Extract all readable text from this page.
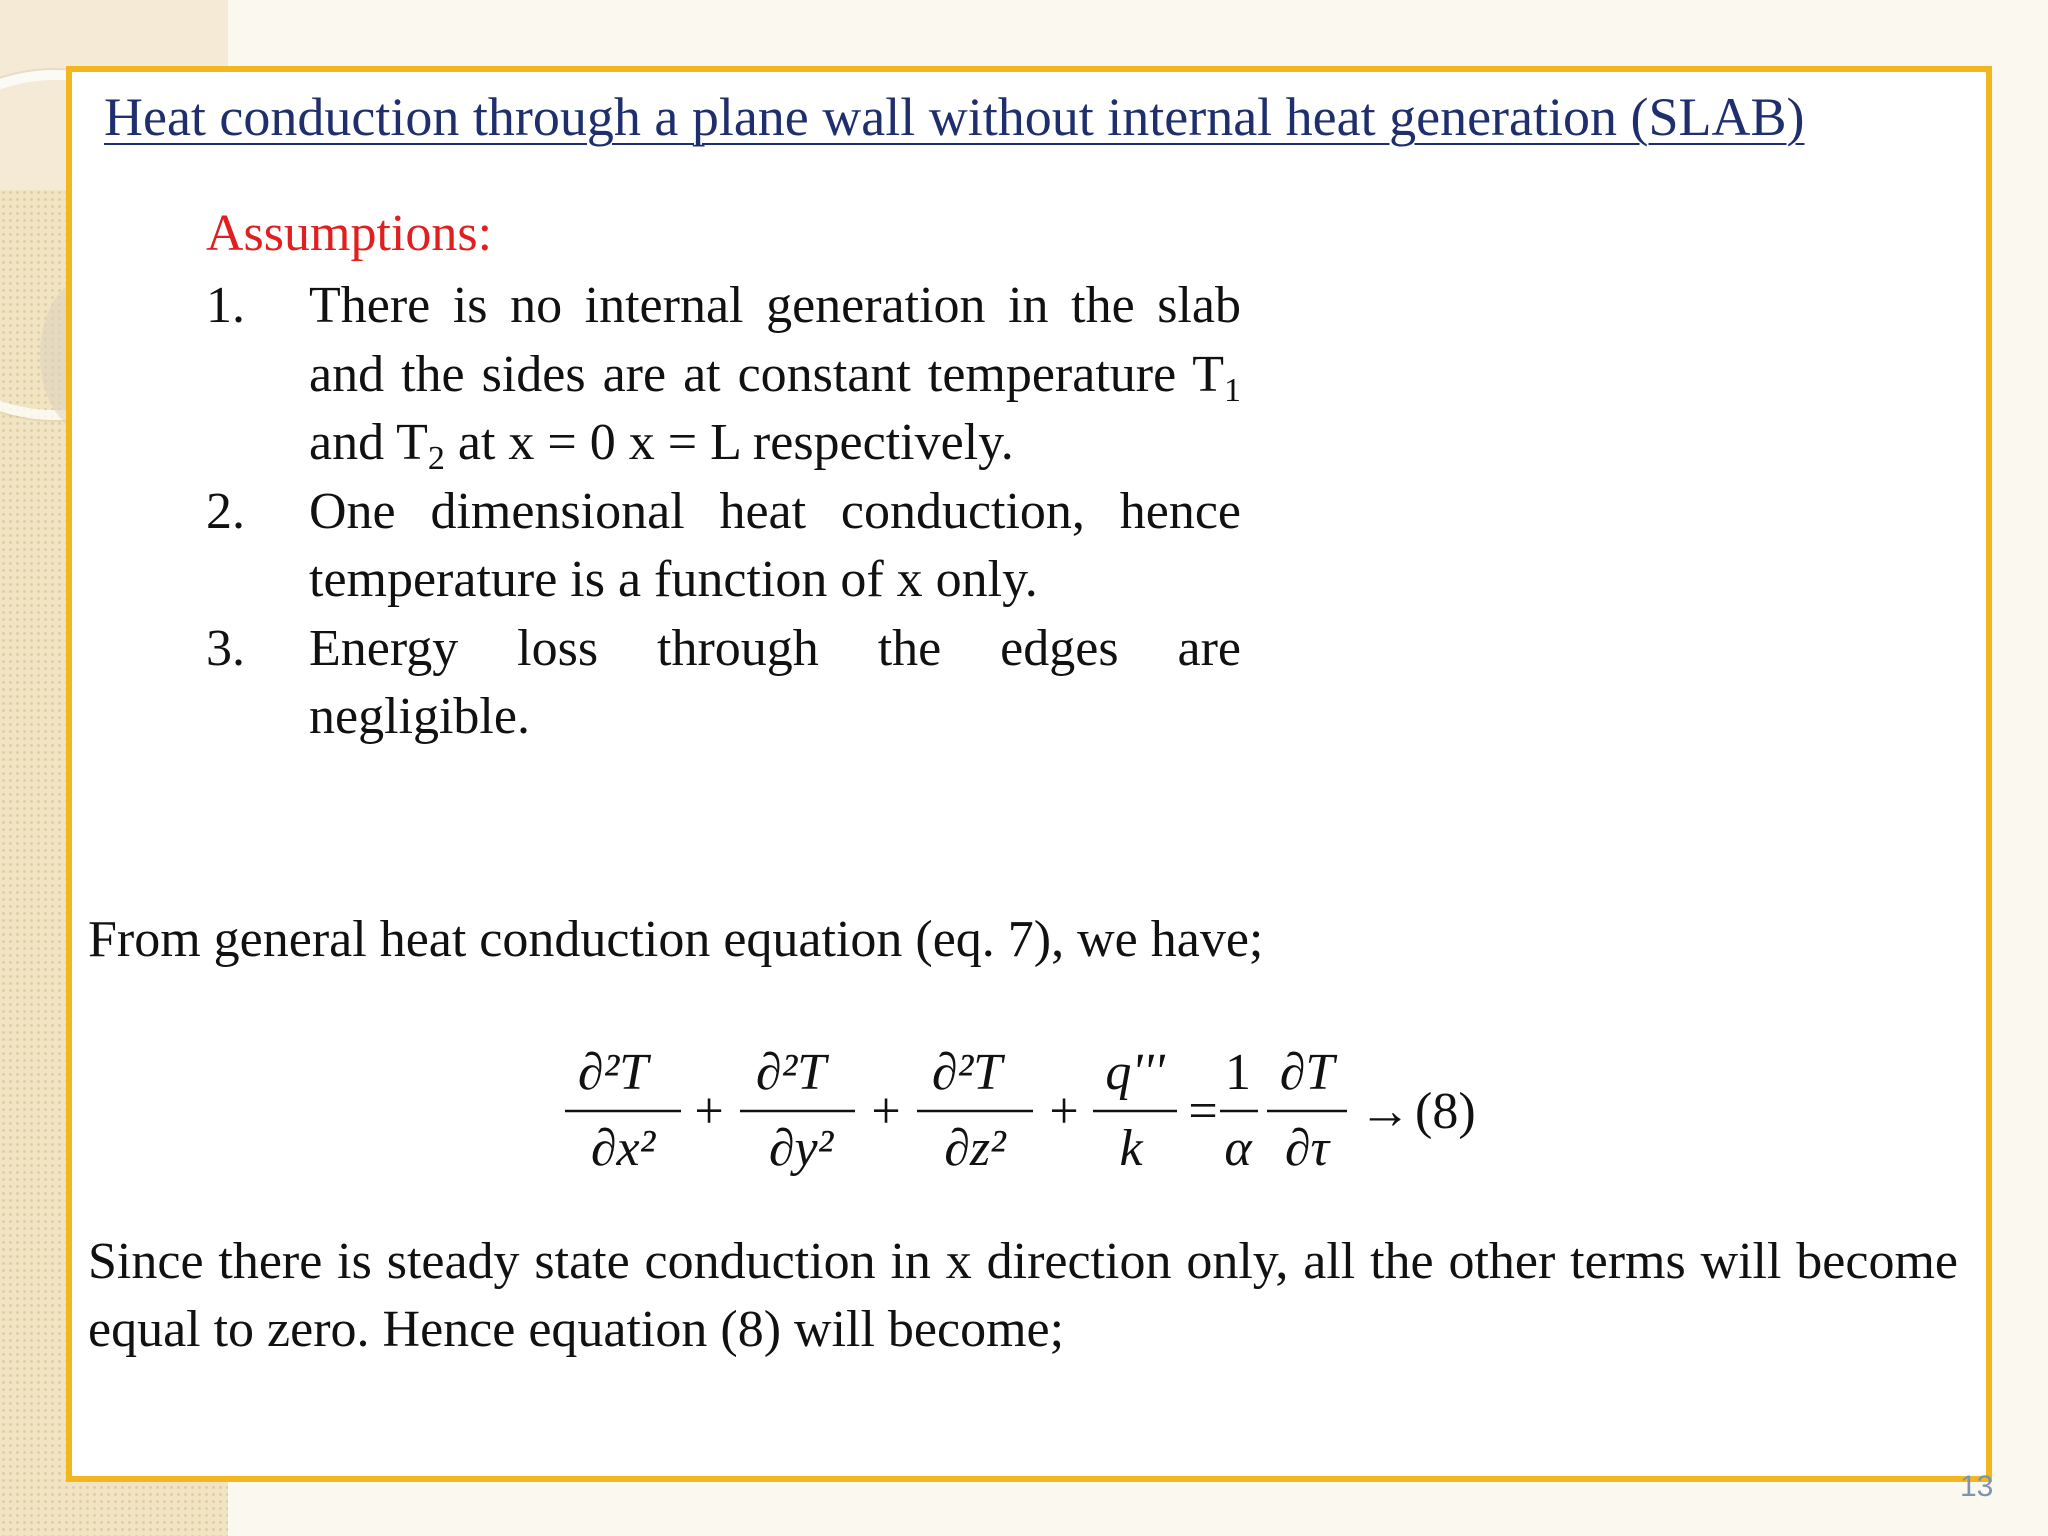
Heat conduction through a plane wall without internal heat generation (SLAB)

Assumptions:

1. There is no internal generation in the slab and the sides are at constant temperature $T_1$ and $T_2$ at x = 0 x = L respectively.
2. One dimensional heat conduction, hence temperature is a function of x only.
3. Energy loss through the edges are negligible.

From general heat conduction equation (eq. 7), we have;

∂²T
∂x²
+
∂²T
∂y²
+
∂²T
∂z²
+
q'''
k
=
1
α
∂T
∂τ
→ (8)

Since there is steady state conduction in x direction only, all the other terms will become equal to zero. Hence equation (8) will become;

13
